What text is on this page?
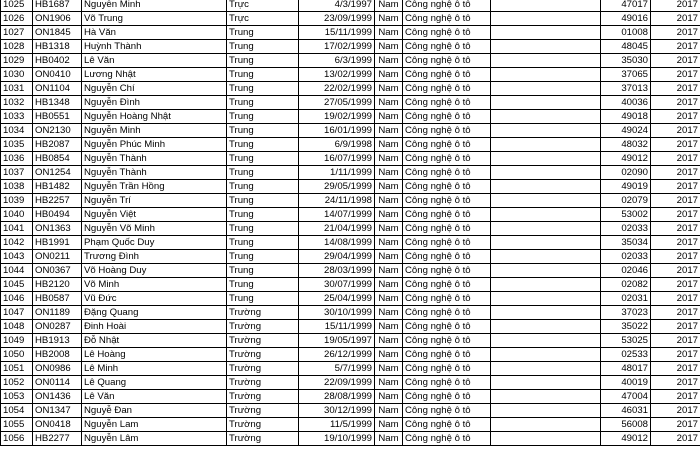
1025	HB1687	Nguyễn Minh	Trực	4/3/1997	Nam	Công nghệ ô tô		47017	2017
1026	ON1906	Võ Trung	Trực	23/09/1999	Nam	Công nghệ ô tô		49016	2017
1027	ON1845	Hà Văn	Trung	15/11/1999	Nam	Công nghệ ô tô		01008	2017
1028	HB1318	Huỳnh Thành	Trung	17/02/1999	Nam	Công nghệ ô tô		48045	2017
1029	HB0402	Lê Văn	Trung	6/3/1999	Nam	Công nghệ ô tô		35030	2017
1030	ON0410	Lương Nhật	Trung	13/02/1999	Nam	Công nghệ ô tô		37065	2017
1031	ON1104	Nguyễn Chí	Trung	22/02/1999	Nam	Công nghệ ô tô		37013	2017
1032	HB1348	Nguyễn Đình	Trung	27/05/1999	Nam	Công nghệ ô tô		40036	2017
1033	HB0551	Nguyễn Hoàng Nhật	Trung	19/02/1999	Nam	Công nghệ ô tô		49018	2017
1034	ON2130	Nguyễn Minh	Trung	16/01/1999	Nam	Công nghệ ô tô		49024	2017
1035	HB2087	Nguyễn Phúc Minh	Trung	6/9/1998	Nam	Công nghệ ô tô		48032	2017
1036	HB0854	Nguyễn Thành	Trung	16/07/1999	Nam	Công nghệ ô tô		49012	2017
1037	ON1254	Nguyễn Thành	Trung	1/11/1999	Nam	Công nghệ ô tô		02090	2017
1038	HB1482	Nguyễn Trần Hồng	Trung	29/05/1999	Nam	Công nghệ ô tô		49019	2017
1039	HB2257	Nguyễn Trí	Trung	24/11/1998	Nam	Công nghệ ô tô		02079	2017
1040	HB0494	Nguyễn Việt	Trung	14/07/1999	Nam	Công nghệ ô tô		53002	2017
1041	ON1363	Nguyễn Võ Minh	Trung	21/04/1999	Nam	Công nghệ ô tô		02033	2017
1042	HB1991	Phạm Quốc Duy	Trung	14/08/1999	Nam	Công nghệ ô tô		35034	2017
1043	ON0211	Trương Đình	Trung	29/04/1999	Nam	Công nghệ ô tô		02033	2017
1044	ON0367	Võ Hoàng Duy	Trung	28/03/1999	Nam	Công nghệ ô tô		02046	2017
1045	HB2120	Võ Minh	Trung	30/07/1999	Nam	Công nghệ ô tô		02082	2017
1046	HB0587	Vũ Đức	Trung	25/04/1999	Nam	Công nghệ ô tô		02031	2017
1047	ON1189	Đặng Quang	Trường	30/10/1999	Nam	Công nghệ ô tô		37023	2017
1048	ON0287	Đinh Hoài	Trường	15/11/1999	Nam	Công nghệ ô tô		35022	2017
1049	HB1913	Đỗ Nhật	Trường	19/05/1997	Nam	Công nghệ ô tô		53025	2017
1050	HB2008	Lê Hoàng	Trường	26/12/1999	Nam	Công nghệ ô tô		02533	2017
1051	ON0986	Lê Minh	Trường	5/7/1999	Nam	Công nghệ ô tô		48017	2017
1052	ON0114	Lê Quang	Trường	22/09/1999	Nam	Công nghệ ô tô		40019	2017
1053	ON1436	Lê Văn	Trường	28/08/1999	Nam	Công nghệ ô tô		47004	2017
1054	ON1347	Nguyễ Đan	Trường	30/12/1999	Nam	Công nghệ ô tô		46031	2017
1055	ON0418	Nguyễn Lam	Trường	11/5/1999	Nam	Công nghệ ô tô		56008	2017
1056	HB2277	Nguyễn Lâm	Trường	19/10/1999	Nam	Công nghệ ô tô		49012	2017
